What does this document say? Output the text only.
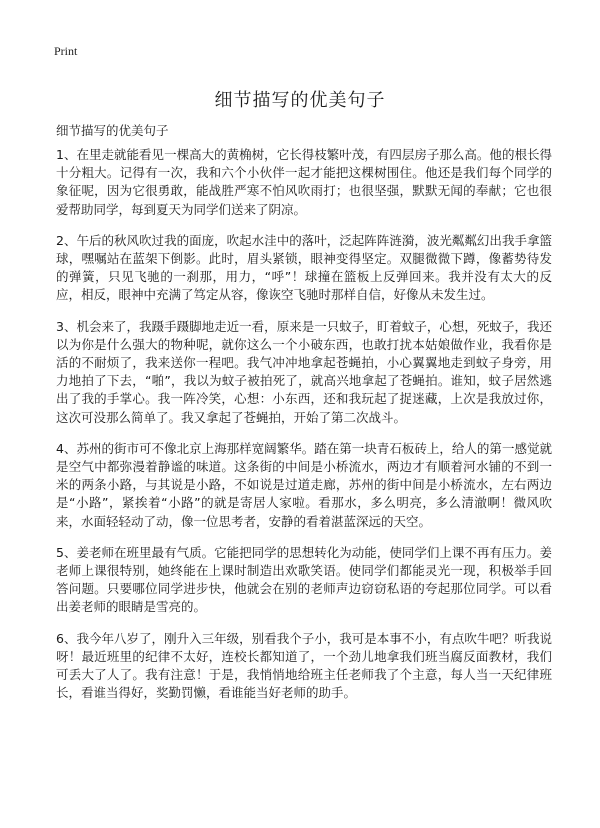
Print
细节描写的优美句子

细节描写的优美句子

1、在里走就能看见一棵高大的黄桷树，它长得枝繁叶茂，有四层房子那么高。他的根长得十分粗大。记得有一次，我和六个小伙伴一起才能把这棵树围住。他还是我们每个同学的象征呢，因为它很勇敢，能战胜严寒不怕风吹雨打；也很坚强，默默无闻的奉献；它也很爱帮助同学，每到夏天为同学们送来了阴凉。

2、午后的秋风吹过我的面庞，吹起水洼中的落叶，泛起阵阵涟漪，波光粼粼幻出我手拿篮球，嘿嘱站在蓝架下倒影。此时，眉头紧锁，眼神变得坚定。双腿微微下蹲，像蓄势待发的弹簧，只见飞驰的一刹那，用力，“呼”！球撞在篮板上反弹回来。我并没有太大的反应，相反，眼神中充满了笃定从容，像诙空飞驰时那样自信，好像从未发生过。

3、机会来了，我蹑手蹑脚地走近一看，原来是一只蚊子，盯着蚊子，心想，死蚊子，我还以为你是什么强大的物种呢，就你这么一个小破东西，也敢打扰本姑娘做作业，我看你是活的不耐烦了，我来送你一程吧。我气冲冲地拿起苍蝇拍，小心翼翼地走到蚊子身旁，用力地拍了下去，“啪”，我以为蚊子被拍死了，就高兴地拿起了苍蝇拍。谁知，蚊子居然逃出了我的手掌心。我一阵冷笑，心想：小东西，还和我玩起了捉迷藏，上次是我放过你，这次可没那么简单了。我又拿起了苍蝇拍，开始了第二次战斗。

4、苏州的街市可不像北京上海那样宽阔繁华。踏在第一块青石板砖上，给人的第一感觉就是空气中都弥漫着静谧的味道。这条街的中间是小桥流水，两边才有顺着河水铺的不到一米的两条小路，与其说是小路，不如说是过道走廊，苏州的街中间是小桥流水，左右两边是“小路”，紧挨着“小路”的就是寄居人家啦。看那水，多么明亮，多么清澈啊！微风吹来，水面轻轻动了动，像一位思考者，安静的看着湛蓝深远的天空。

5、姜老师在班里最有气质。它能把同学的思想转化为动能，使同学们上课不再有压力。姜老师上课很特别，她终能在上课时制造出欢歌笑语。使同学们都能灵光一现，积极举手回答问题。只要哪位同学进步快，他就会在别的老师声边窃窃私语的夸起那位同学。可以看出姜老师的眼睛是雪亮的。

6、我今年八岁了，刚升入三年级，别看我个子小，我可是本事不小，有点吹牛吧？听我说呀！最近班里的纪律不太好，连校长都知道了，一个劲儿地拿我们班当腐反面教材，我们可丢大了人了。我有注意！于是，我悄悄地给班主任老师我了个主意，每人当一天纪律班长，看谁当得好，奖勤罚懒，看谁能当好老师的助手。
